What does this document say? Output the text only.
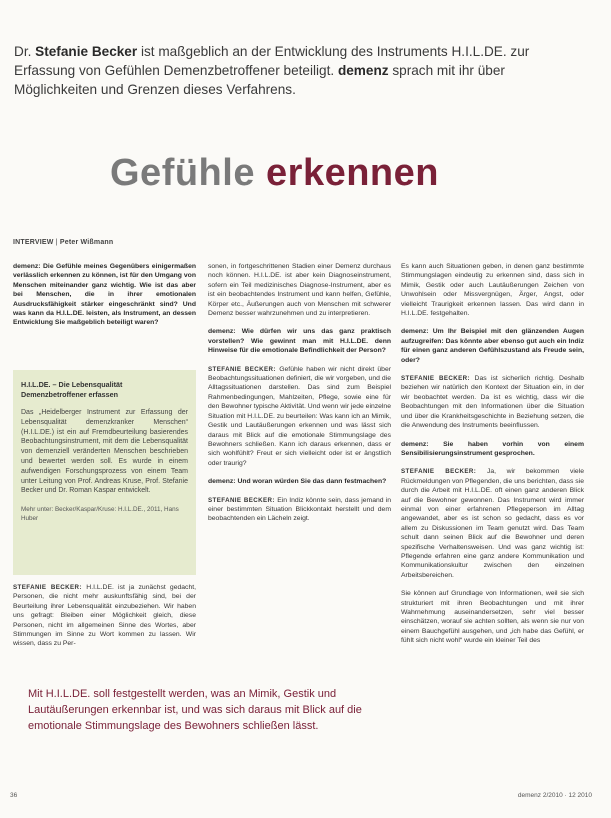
Dr. Stefanie Becker ist maßgeblich an der Entwicklung des Instruments H.I.L.DE. zur Erfassung von Gefühlen Demenzbetroffener beteiligt. demenz sprach mit ihr über Möglichkeiten und Grenzen dieses Verfahrens.
Gefühle erkennen
INTERVIEW | Peter Wißmann

demenz: Die Gefühle meines Gegenübers einigermaßen verlässlich erkennen zu können, ist für den Umgang von Menschen miteinander ganz wichtig. Wie ist das aber bei Menschen, die in ihrer emotionalen Ausdrucksfähigkeit stärker eingeschränkt sind? Und was kann da H.I.L.DE. leisten, als Instrument, an dessen Entwicklung Sie maßgeblich beteiligt waren?

H.I.L.DE. – Die Lebensqualität Demenzbetroffener erfassen
Das „Heidelberger Instrument zur Erfassung der Lebensqualität demenzkranker Menschen“ (H.I.L.DE.) ist ein auf Fremdbeurteilung basierendes Beobachtungsinstrument, mit dem die Lebensqualität von demenziell veränderten Menschen beschrieben und bewertet werden soll. Es wurde in einem aufwendigen Forschungsprozess von einem Team unter Leitung von Prof. Andreas Kruse, Prof. Stefanie Becker und Dr. Roman Kaspar entwickelt.
Mehr unter: Becker/Kaspar/Kruse: H.I.L.DE., 2011, Hans Huber

STEFANIE BECKER: H.I.L.DE. ist ja zunächst gedacht, Personen, die nicht mehr auskunftsfähig sind, bei der Beurteilung ihrer Lebensqualität einzubeziehen. Wir haben uns gefragt: Bleiben einer Möglichkeit gleich, diese Personen, nicht im allgemeinen Sinne des Wortes, aber Stimmungen im Sinne zu Wort kommen zu lassen. Wir wissen, dass zu Per-

sonen, in fortgeschrittenen Stadien einer Demenz durchaus noch können. H.I.L.DE. ist aber kein Diagnoseinstrument, sofern ein Teil medizinisches Diagnose-Instrument, aber es ist ein beobachtendes Instrument und kann helfen, Gefühle, Körper etc., Äußerungen auch von Menschen mit schwerer Demenz besser wahrzunehmen und zu interpretieren.

demenz: Wie dürfen wir uns das ganz praktisch vorstellen? Wie gewinnt man mit H.I.L.DE. denn Hinweise für die emotionale Befindlichkeit der Person?

STEFANIE BECKER: Gefühle haben wir nicht direkt über Beobachtungssituationen definiert, die wir vorgeben, und die Alltagssituationen darstellen. Das sind zum Beispiel Rahmenbedingungen, Mahlzeiten, Pflege, sowie eine für den Bewohner typische Aktivität. Und wenn wir jede einzelne Situation mit H.I.L.DE. zu beurteilen: Was kann ich an Mimik, Gestik und Lautäußerungen erkennen und was lässt sich daraus mit Blick auf die emotionale Stimmungslage des Bewohners schließen. Kann ich daraus erkennen, dass er sich wohlfühlt? Freut er sich vielleicht oder ist er ängstlich oder traurig?

demenz: Und woran würden Sie das dann festmachen?

STEFANIE BECKER: Ein Indiz könnte sein, dass jemand in einer bestimmten Situation Blickkontakt herstellt und dem beobachtenden ein Lächeln zeigt.

Es kann auch Situationen geben, in denen ganz bestimmte Stimmungslagen eindeutig zu erkennen sind, dass sich in Mimik, Gestik oder auch Lautäußerungen Zeichen von Unwohlsein oder Missvergnügen, Ärger, Angst, oder vielleicht Traurigkeit erkennen lassen. Das wird dann in H.I.L.DE. festgehalten.

demenz: Um Ihr Beispiel mit den glänzenden Augen aufzugreifen: Das könnte aber ebenso gut auch ein Indiz für einen ganz anderen Gefühlszustand als Freude sein, oder?

STEFANIE BECKER: Das ist sicherlich richtig. Deshalb beziehen wir natürlich den Kontext der Situation ein, in der wir beobachtet werden. Da ist es wichtig, dass wir die Beobachtungen mit den Informationen über die Situation und über die Krankheitsgeschichte in Beziehung setzen, die die Anwendung des Instruments beeinflussen.

demenz: Sie haben vorhin von einem Sensibilisierungsinstrument gesprochen.

STEFANIE BECKER: Ja, wir bekommen viele Rückmeldungen von Pflegenden, die uns berichten, dass sie durch die Arbeit mit H.I.L.DE. oft einen ganz anderen Blick auf die Bewohner gewonnen. Das Instrument wird immer einmal von einer erfahrenen Pflegeperson im Alltag angewandet, aber es ist schon so gedacht, dass es vor allem zu Diskussionen im Team genutzt wird. Das Team schult dann seinen Blick auf die Bewohner und deren spezifische Verhaltensweisen. Und was ganz wichtig ist: Pflegende erfahren eine ganz andere Kommunikation und Kommunikationskultur zwischen den einzelnen Arbeitsbereichen.

Sie können auf Grundlage von Informationen, weil sie sich strukturiert mit ihren Beobachtungen und mit ihrer Wahrnehmung auseinandersetzen, sehr viel besser einschätzen, worauf sie achten sollten, als wenn sie nur von einem Bauchgefühl ausgehen, und „ich habe das Gefühl, er fühlt sich nicht wohl“ wurde ein kleiner Teil des

Mit H.I.L.DE. soll festgestellt werden, was an Mimik, Gestik und Lautäußerungen erkennbar ist, und was sich daraus mit Blick auf die emotionale Stimmungslage des Bewohners schließen lässt.
36	demenz 2/2010 · 12 2010
